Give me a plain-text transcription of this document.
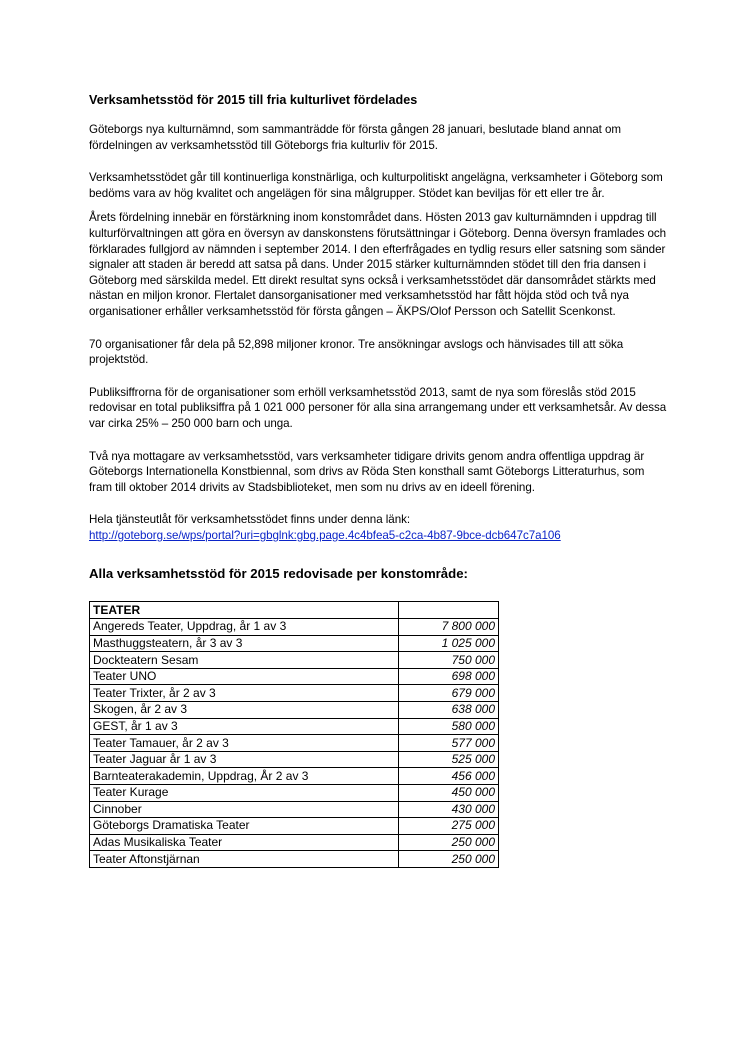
Verksamhetsstöd för 2015 till fria kulturlivet fördelades

Göteborgs nya kulturnämnd, som sammanträdde för första gången 28 januari, beslutade bland annat om fördelningen av verksamhetsstöd till Göteborgs fria kulturliv för 2015.

Verksamhetsstödet går till kontinuerliga konstnärliga, och kulturpolitiskt angelägna, verksamheter i Göteborg som bedöms vara av hög kvalitet och angelägen för sina målgrupper. Stödet kan beviljas för ett eller tre år.

Årets fördelning innebär en förstärkning inom konstområdet dans. Hösten 2013 gav kulturnämnden i uppdrag till kulturförvaltningen att göra en översyn av danskonstens förutsättningar i Göteborg. Denna översyn framlades och förklarades fullgjord av nämnden i september 2014. I den efterfrågades en tydlig resurs eller satsning som sänder signaler att staden är beredd att satsa på dans. Under 2015 stärker kulturnämnden stödet till den fria dansen i Göteborg med särskilda medel. Ett direkt resultat syns också i verksamhetsstödet där dansområdet stärkts med nästan en miljon kronor. Flertalet dansorganisationer med verksamhetsstöd har fått höjda stöd och två nya organisationer erhåller verksamhetsstöd för första gången – ÄKPS/Olof Persson och Satellit Scenkonst.

70 organisationer får dela på 52,898 miljoner kronor. Tre ansökningar avslogs och hänvisades till att söka projektstöd.

Publiksiffrorna för de organisationer som erhöll verksamhetsstöd 2013, samt de nya som föreslås stöd 2015 redovisar en total publiksiffra på 1 021 000 personer för alla sina arrangemang under ett verksamhetsår. Av dessa var cirka 25% – 250 000 barn och unga.

Två nya mottagare av verksamhetsstöd, vars verksamheter tidigare drivits genom andra offentliga uppdrag är Göteborgs Internationella Konstbiennal, som drivs av Röda Sten konsthall samt Göteborgs Litteraturhus, som fram till oktober 2014 drivits av Stadsbiblioteket, men som nu drivs av en ideell förening.

Hela tjänsteutlåt för verksamhetsstödet finns under denna länk:
http://goteborg.se/wps/portal?uri=gbglnk:gbg.page.4c4bfea5-c2ca-4b87-9bce-dcb647c7a106

Alla verksamhetsstöd för 2015 redovisade per konstområde:
TEATER	
Angereds Teater, Uppdrag, år 1 av 3	7 800 000
Masthuggsteatern, år 3 av 3	1 025 000
Dockteatern Sesam	750 000
Teater UNO	698 000
Teater Trixter, år 2 av 3	679 000
Skogen, år 2 av 3	638 000
GEST, år 1 av 3	580 000
Teater Tamauer, år 2 av 3	577 000
Teater Jaguar år 1 av 3	525 000
Barnteaterakademin, Uppdrag, År 2 av 3	456 000
Teater Kurage	450 000
Cinnober	430 000
Göteborgs Dramatiska Teater	275 000
Adas Musikaliska Teater	250 000
Teater Aftonstjärnan	250 000
